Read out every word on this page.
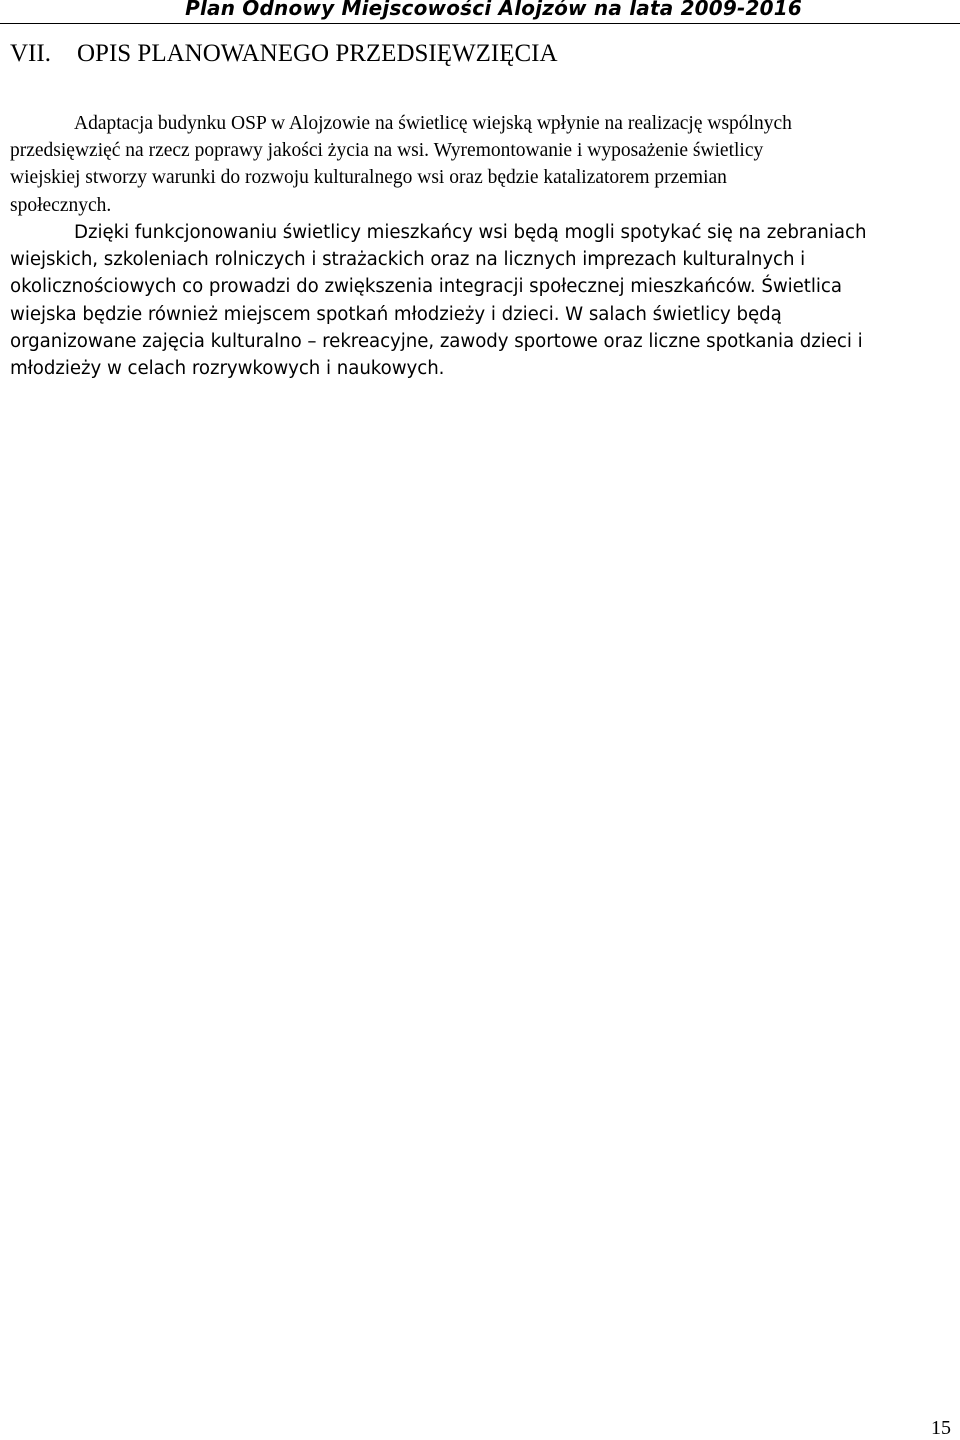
Plan Odnowy Miejscowości Alojzów na lata 2009-2016
VII. OPIS PLANOWANEGO PRZEDSIĘWZIĘCIA

Adaptacja budynku OSP w Alojzowie na świetlicę wiejską wpłynie na realizację wspólnych
przedsięwzięć na rzecz poprawy jakości życia na wsi. Wyremontowanie i wyposażenie świetlicy
wiejskiej stworzy warunki do rozwoju kulturalnego wsi oraz będzie katalizatorem przemian
społecznych.

Dzięki funkcjonowaniu świetlicy mieszkańcy wsi będą mogli spotykać się na zebraniach
wiejskich, szkoleniach rolniczych i strażackich oraz na licznych imprezach kulturalnych i
okolicznościowych co prowadzi do zwiększenia integracji społecznej mieszkańców. Świetlica
wiejska będzie również miejscem spotkań młodzieży i dzieci. W salach świetlicy będą
organizowane zajęcia kulturalno – rekreacyjne, zawody sportowe oraz liczne spotkania dzieci i
młodzieży w celach rozrywkowych i naukowych.

15
